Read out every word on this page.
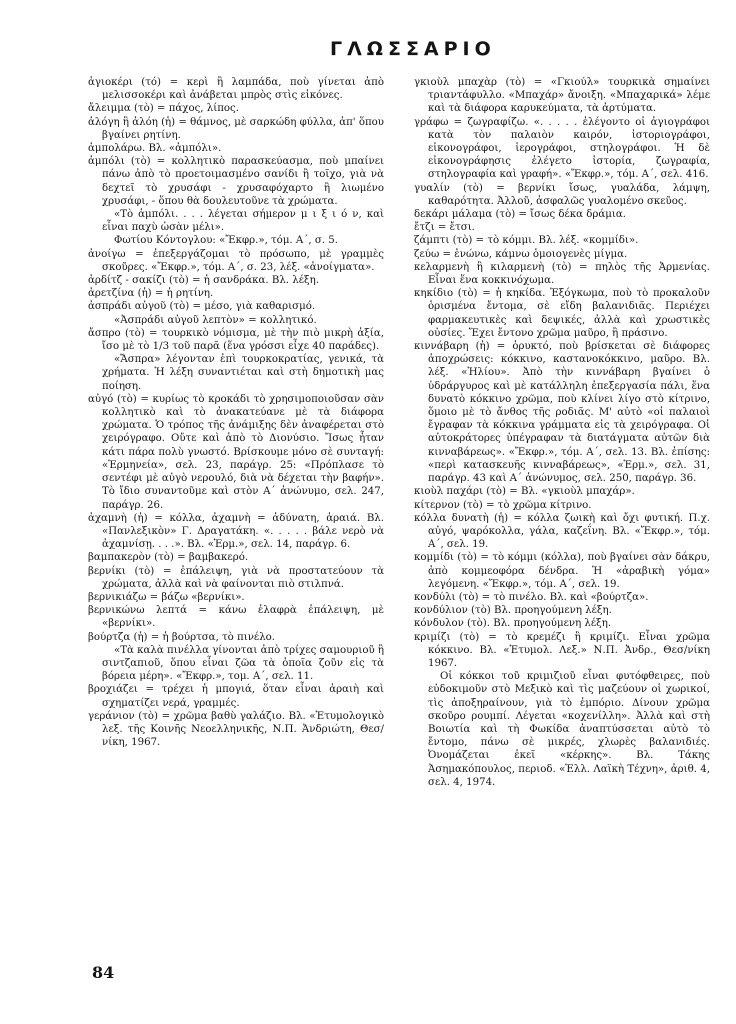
ΓΛΩΣΣΑΡΙΟ

ἁγιοκέρι (τό) = κερὶ ἢ λαμπάδα, ποὺ γίνεται ἀπὸ μελισσοκέρι καὶ ἀνάβεται μπρὸς στὶς εἰκόνες.

ἄλειμμα (τὸ) = πάχος, λίπος.

ἀλόγη ἢ ἀλόη (ἡ) = θάμνος, μὲ σαρκώδη φύλλα, ἀπ' ὅπου βγαίνει ρητίνη.

ἀμπολάρω. Βλ. «ἀμπόλι».

ἀμπόλι (τὸ) = κολλητικὸ παρασκεύασμα, ποὺ μπαίνει πάνω ἀπὸ τὸ προετοιμασμένο σανίδι ἢ τοῖχο, γιὰ νὰ δεχτεῖ τὸ χρυσάφι - χρυσαφόχαρτο ἢ λιωμένο χρυσάφι, - ὅπου θὰ δουλευτοῦνε τὰ χρώματα.

«Τὸ ἀμπόλι. . . . λέγεται σήμερον μ ι ξ ι ό ν, καὶ εἶναι παχὺ ὡσὰν μέλι».

Φωτίου Κόντογλου: «Ἔκφρ.», τόμ. Α΄, σ. 5.

ἀνοίγω = ἐπεξεργάζομαι τὸ πρόσωπο, μὲ γραμμὲς σκοῦρες. «Ἔκφρ.», τόμ. Α΄, σ. 23, λέξ. «ἀνοίγματα».

ἀρδίτζ - σακίζι (τὸ) = ἡ σανδράκα. Βλ. λέξη.

ἀρετζίνα (ἡ) = ἡ ρητίνη.

ἀσπράδι αὐγοῦ (τὸ) = μέσο, γιὰ καθαρισμό.

«Ἀσπράδι αὐγοῦ λεπτὸν» = κολλητικό.

ἄσπρο (τὸ) = τουρκικὸ νόμισμα, μὲ τὴν πιὸ μικρὴ ἀξία, ἴσο μὲ τὸ 1/3 τοῦ παρᾶ (ἕνα γρόσσι εἶχε 40 παράδες).

«Ἄσπρα» λέγονταν ἐπὶ τουρκοκρατίας, γενικά, τὰ χρήματα. Ἡ λέξη συναντιέται καὶ στὴ δημοτικὴ μας ποίηση.

αὐγό (τὸ) = κυρίως τὸ κροκάδι τὸ χρησιμοποιοῦσαν σὰν κολλητικὸ καὶ τὸ ἀνακατεύανε μὲ τὰ διάφορα χρώματα. Ὁ τρόπος τῆς ἀνάμιξης δὲν ἀναφέρεται στὸ χειρόγραφο. Οὔτε καὶ ἀπὸ τὸ Διονύσιο. Ἴσως ἦταν κάτι πάρα πολὺ γνωστό. Βρίσκουμε μόνο σὲ συνταγή: «Ἑρμηνεία», σελ. 23, παράγρ. 25: «Πρόπλασε τὸ σεντέφι μὲ αὐγὸ νερουλό, διὰ νὰ δέχεται τὴν βαφήν». Τὸ ἴδιο συναντοῦμε καὶ στὸν Α΄ ἀνώνυμο, σελ. 247, παράγρ. 26.

ἀχαμνὴ (ἡ) = κόλλα, ἀχαμνὴ = ἀδύνατη, ἀραιά. Βλ. «Πανλεξικὸν» Γ. Δραγατάκη. «. . . . . βάλε νερὸ νὰ ἀχαμνίσῃ. . . .». Βλ. «Ἑρμ.», σελ. 14, παράγρ. 6.

βαμπακερὸν (τὸ) = βαμβακερό.

βερνίκι (τὸ) = ἐπάλειψη, γιὰ νὰ προστατεύουν τὰ χρώματα, ἀλλὰ καὶ νὰ φαίνονται πιὸ στιλπνά.

βερνικιάζω = βάζω «βερνίκι».

βερνικώνω λεπτά = κάνω ἐλαφρὰ ἐπάλειψη, μὲ «βερνίκι».

βούρτζα (ἡ) = ἡ βούρτσα, τὸ πινέλο.

«Τὰ καλὰ πινέλλα γίνονται ἀπὸ τρίχες σαμουριοῦ ἢ σιντζαπιοῦ, ὅπου εἶναι ζῶα τὰ ὁποῖα ζοῦν εἰς τὰ βόρεια μέρη». «Ἔκφρ.», τομ. Α΄, σελ. 11.

βροχιάζει = τρέχει ἡ μπογιά, ὅταν εἶναι ἀραιὴ καὶ σχηματίζει νερά, γραμμές.

γεράνιον (τὸ) = χρῶμα βαθὺ γαλάζιο. Βλ. «Ἐτυμολογικὸ λεξ. τῆς Κοινῆς Νεοελληνικῆς, Ν.Π. Ἀνδριώτη, Θεσ/νίκη, 1967.

γκιοὺλ μπαχὰρ (τὸ) = «Γκιούλ» τουρκικὰ σημαίνει τριαντάφυλλο. «Μπαχάρ» ἄνοιξη. «Μπαχαρικά» λέμε καὶ τὰ διάφορα καρυκεύματα, τὰ ἀρτύματα.

γράφω = ζωγραφίζω. «. . . . . ἐλέγοντο οἱ ἁγιογράφοι κατὰ τὸν παλαιὸν καιρόν, ἱστοριογράφοι, εἰκονογράφοι, ἱερογράφοι, στηλογράφοι. Ἡ δὲ εἰκονογράφησις ἐλέγετο ἱστορία, ζωγραφία, στηλογραφία καὶ γραφή». «Ἔκφρ.», τόμ. Α΄, σελ. 416.

γυαλίν (τὸ) = βερνίκι ἴσως, γυαλάδα, λάμψη, καθαρότητα. Ἀλλοῦ, ἀσφαλῶς γυαλομένο σκεῦος.

δεκάρι μάλαμα (τὸ) = ἴσως δέκα δράμια.

ἔτζι = ἔτσι.

ζάμπτι (τὸ) = τὸ κόμμι. Βλ. λέξ. «κομμίδι».

ζεύω = ἑνώνω, κάμνω ὁμοιογενὲς μίγμα.

κελαρμενὴ ἢ κιλαρμενὴ (τὸ) = πηλὸς τῆς Ἀρμενίας. Εἶναι ἕνα κοκκινόχωμα.

κηκίδιο (τὸ) = ἡ κηκίδα. Ἐξόγκωμα, ποὺ τὸ προκαλοῦν ὁρισμένα ἔντομα, σὲ εἴδη βαλανιδιᾶς. Περιέχει φαρμακευτικὲς καὶ δεψικές, ἀλλὰ καὶ χρωστικὲς οὐσίες. Ἔχει ἔντονο χρῶμα μαῦρο, ἢ πράσινο.

κιννάβαρη (ἡ) = ὀρυκτό, ποὺ βρίσκεται σὲ διάφορες ἀποχρώσεις: κόκκινο, καστανοκόκκινο, μαῦρο. Βλ. λέξ. «Ἡλίου». Ἀπὸ τὴν κιννάβαρη βγαίνει ὁ ὑδράργυρος καὶ μὲ κατάλληλη ἐπεξεργασία πάλι, ἕνα δυνατὸ κόκκινο χρῶμα, ποὺ κλίνει λίγο στὸ κίτρινο, ὅμοιο μὲ τὸ ἄνθος τῆς ροδιᾶς. Μ' αὐτὸ «οἱ παλαιοὶ ἔγραφαν τὰ κόκκινα γράμματα εἰς τὰ χειρόγραφα. Οἱ αὐτοκράτορες ὑπέγραφαν τὰ διατάγματα αὐτῶν διὰ κινναβάρεως». «Ἔκφρ.», τόμ. Α΄, σελ. 13. Βλ. ἐπίσης: «περὶ κατασκευῆς κινναβάρεως», «Ἑρμ.», σελ. 31, παράγρ. 43 καὶ Α΄ ἀνώνυμος, σελ. 250, παράγρ. 36.

κιοὺλ παχάρι (τὸ) = Βλ. «γκιοὺλ μπαχάρ».

κίτερνον (τὸ) = τὸ χρῶμα κίτρινο.

κόλλα δυνατὴ (ἡ) = κόλλα ζωικὴ καὶ ὄχι φυτική. Π.χ. αὐγό, ψαρόκολλα, γάλα, καζεΐνη. Βλ. «Ἔκφρ.», τόμ. Α΄, σελ. 19.

κομμίδι (τὸ) = τὸ κόμμι (κόλλα), ποὺ βγαίνει σὰν δάκρυ, ἀπὸ κομμεοφόρα δένδρα. Ἡ «ἀραβικὴ γόμα» λεγόμενη. «Ἔκφρ.», τόμ. Α΄, σελ. 19.

κονδύλι (τὸ) = τὸ πινέλο. Βλ. καὶ «βούρτζα».

κονδύλιον (τὸ) Βλ. προηγούμενη λέξη.

κόνδυλον (τὸ). Βλ. προηγούμενη λέξη.

κριμίζι (τὸ) = τὸ κρεμέζι ἢ κριμίζι. Εἶναι χρῶμα κόκκινο. Βλ. «Ἐτυμολ. Λεξ.» Ν.Π. Ἀνδρ., Θεσ/νίκη 1967.

Οἱ κόκκοι τοῦ κριμιζιοῦ εἶναι φυτόφθειρες, ποὺ εὐδοκιμοῦν στὸ Μεξικὸ καὶ τὶς μαζεύουν οἱ χωρικοί, τὶς ἀποξηραίνουν, γιὰ τὸ ἐμπόριο. Δίνουν χρῶμα σκοῦρο ρουμπί. Λέγεται «κοχενίλλη». Ἀλλὰ καὶ στὴ Βοιωτία καὶ τὴ Φωκίδα ἀναπτύσσεται αὐτὸ τὸ ἔντομο, πάνω σὲ μικρές, χλωρὲς βαλανιδιές. Ὀνομάζεται ἐκεῖ «κέρκης». Βλ. Τάκης Ἀσημακόπουλος, περιοδ. «Ἑλλ. Λαϊκὴ Τέχνη», ἀριθ. 4, σελ. 4, 1974.

84
